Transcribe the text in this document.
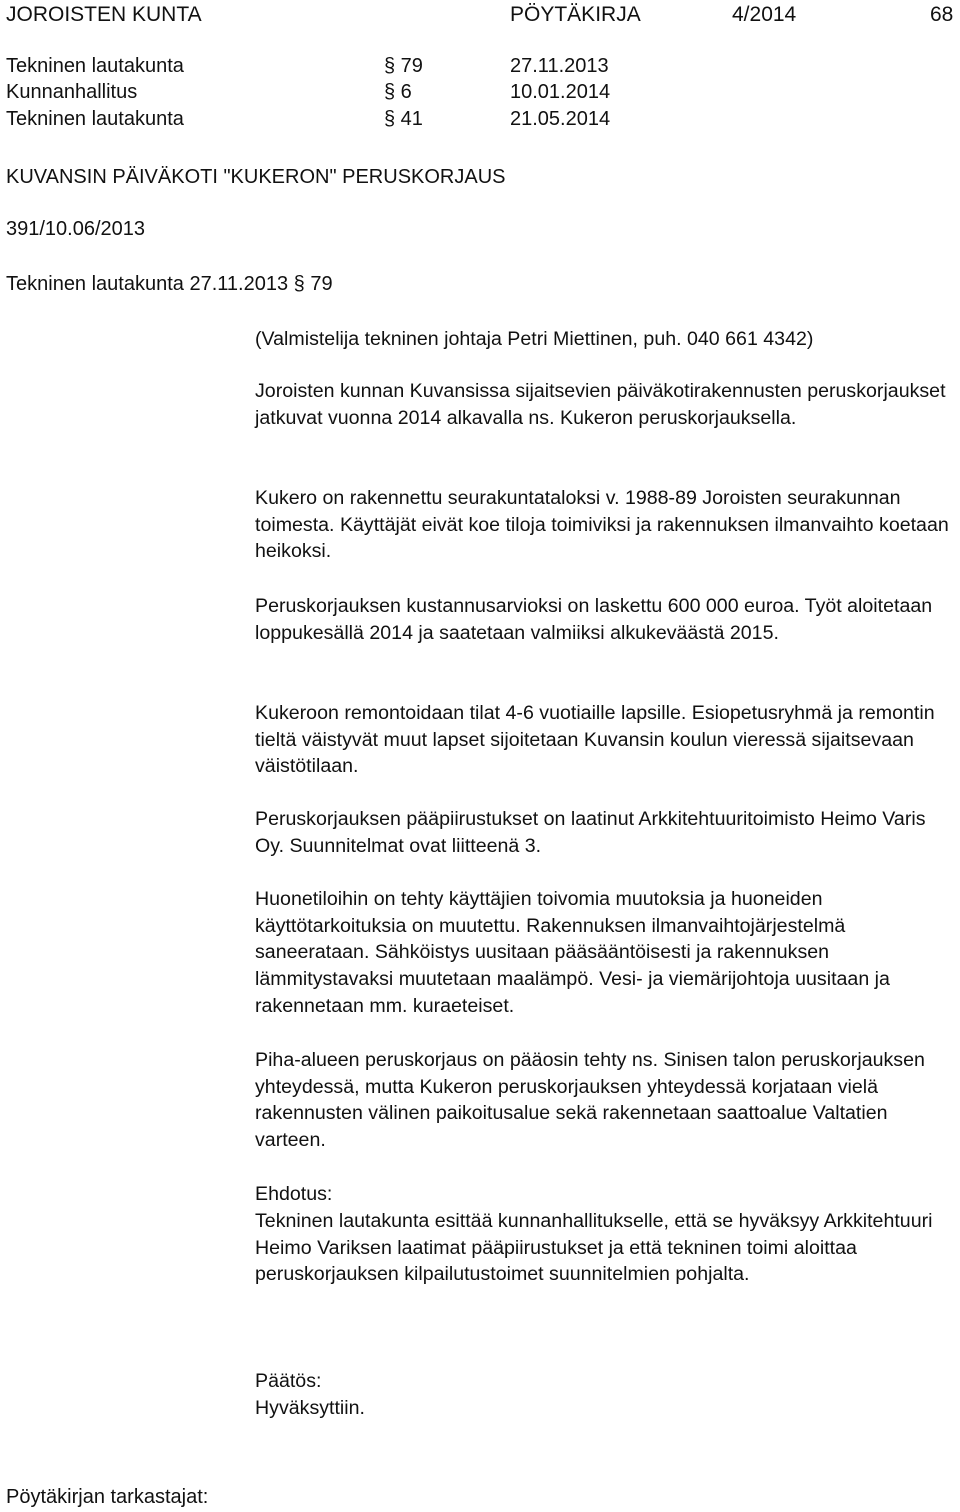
JOROISTEN KUNTA	PÖYTÄKIRJA	4/2014	68
Tekninen lautakunta	§ 79	27.11.2013
Kunnanhallitus	§ 6	10.01.2014
Tekninen lautakunta	§ 41	21.05.2014
KUVANSIN PÄIVÄKOTI "KUKERON" PERUSKORJAUS
391/10.06/2013
Tekninen lautakunta 27.11.2013 § 79
(Valmistelija tekninen johtaja Petri Miettinen, puh. 040 661 4342)

Joroisten kunnan Kuvansissa sijaitsevien päiväkotirakennusten peruskorjaukset jatkuvat vuonna 2014 alkavalla ns. Kukeron peruskorjauksella.

Kukero on rakennettu seurakuntataloksi v. 1988-89 Joroisten seurakunnan toimesta. Käyttäjät eivät koe tiloja toimiviksi ja rakennuksen ilmanvaihto koetaan heikoksi.

Peruskorjauksen kustannusarvioksi on laskettu 600 000 euroa. Työt aloitetaan loppukesällä 2014 ja saatetaan valmiiksi alkukeväästä 2015.

Kukeroon remontoidaan tilat 4-6 vuotiaille lapsille. Esiopetusryhmä ja remontin tieltä väistyvät muut lapset sijoitetaan Kuvansin koulun vieressä sijaitsevaan väistötilaan.

Peruskorjauksen pääpiirustukset on laatinut Arkkitehtuuritoimisto Heimo Varis Oy. Suunnitelmat ovat liitteenä 3.

Huonetiloihin on tehty käyttäjien toivomia muutoksia ja huoneiden käyttötarkoituksia on muutettu. Rakennuksen ilmanvaihtojärjestelmä saneerataan. Sähköistys uusitaan pääsääntöisesti ja rakennuksen lämmitystavaksi muutetaan maalämpö. Vesi- ja viemärijohtoja uusitaan ja rakennetaan mm. kuraeteiset.

Piha-alueen peruskorjaus on pääosin tehty ns. Sinisen talon peruskorjauksen yhteydessä, mutta Kukeron peruskorjauksen yhteydessä korjataan vielä rakennusten välinen paikoitusalue sekä rakennetaan saattoalue Valtatien varteen.

Ehdotus:

Tekninen lautakunta esittää kunnanhallitukselle, että se hyväksyy Arkkitehtuuri Heimo Variksen laatimat pääpiirustukset ja että tekninen toimi aloittaa peruskorjauksen kilpailutustoimet suunnitelmien pohjalta.

Päätös:

Hyväksyttiin.

Pöytäkirjan tarkastajat:
